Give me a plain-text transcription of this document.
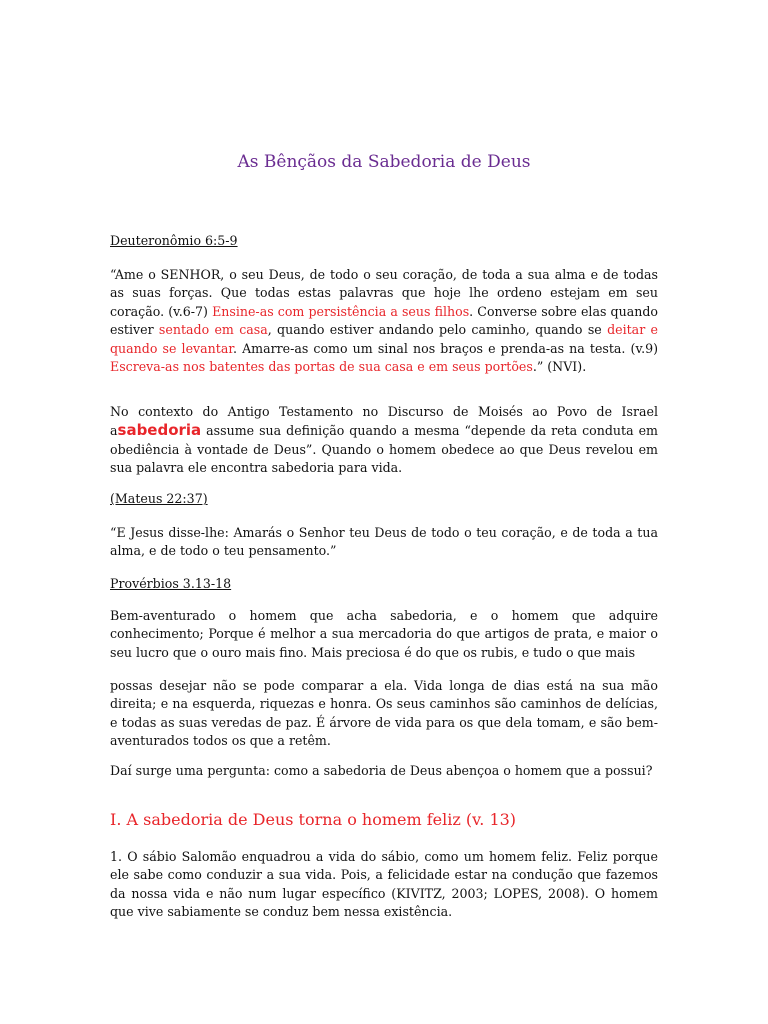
As Bênçãos da Sabedoria de Deus

Deuteronômio 6:5-9

“Ame o SENHOR, o seu Deus, de todo o seu coração, de toda a sua alma e de todas as suas forças. Que todas estas palavras que hoje lhe ordeno estejam em seu coração. (v.6-7) Ensine-as com persistência a seus filhos. Converse sobre elas quando estiver sentado em casa, quando estiver andando pelo caminho, quando se deitar e quando se levantar. Amarre-as como um sinal nos braços e prenda-as na testa. (v.9) Escreva-as nos batentes das portas de sua casa e em seus portões.” (NVI).

No contexto do Antigo Testamento no Discurso de Moisés ao Povo de Israel asabedoria assume sua definição quando a mesma “depende da reta conduta em obediência à vontade de Deus”. Quando o homem obedece ao que Deus revelou em sua palavra ele encontra sabedoria para vida.

(Mateus 22:37)

“E Jesus disse-lhe: Amarás o Senhor teu Deus de todo o teu coração, e de toda a tua alma, e de todo o teu pensamento.”

Provérbios 3.13-18

Bem-aventurado o homem que acha sabedoria, e o homem que adquire conhecimento; Porque é melhor a sua mercadoria do que artigos de prata, e maior o seu lucro que o ouro mais fino. Mais preciosa é do que os rubis, e tudo o que mais

possas desejar não se pode comparar a ela. Vida longa de dias está na sua mão direita; e na esquerda, riquezas e honra. Os seus caminhos são caminhos de delícias, e todas as suas veredas de paz. É árvore de vida para os que dela tomam, e são bem-aventurados todos os que a retêm.

Daí surge uma pergunta: como a sabedoria de Deus abençoa o homem que a possui?

I. A sabedoria de Deus torna o homem feliz (v. 13)

1. O sábio Salomão enquadrou a vida do sábio, como um homem feliz. Feliz porque ele sabe como conduzir a sua vida. Pois, a felicidade estar na condução que fazemos da nossa vida e não num lugar específico (KIVITZ, 2003; LOPES, 2008). O homem que vive sabiamente se conduz bem nessa existência.
